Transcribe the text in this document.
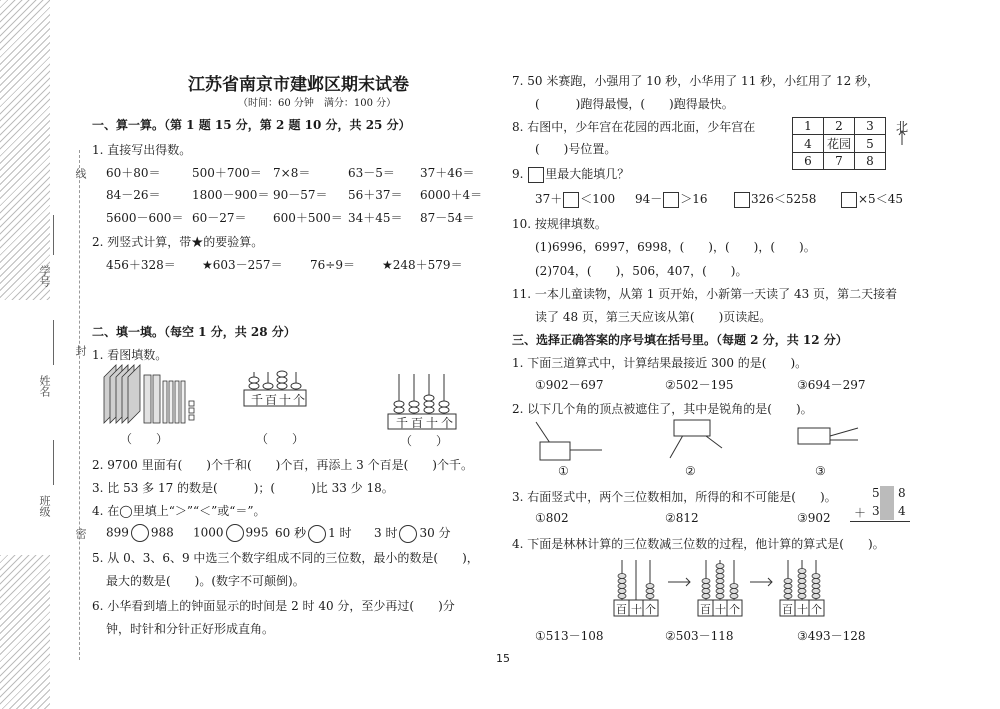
线
封
密
学号
姓名
班级
江苏省南京市建邺区期末试卷
（时间：60 分钟　满分：100 分）
一、算一算。（第 1 题 15 分，第 2 题 10 分，共 25 分）
1. 直接写出得数。
60＋80＝	500＋700＝ 7×8＝	63－5＝ 37＋46＝
84－26＝	1800－900＝ 90－57＝ 56＋37＝ 6000＋4＝
5600－600＝ 60－27＝ 600＋500＝ 34＋45＝ 87－54＝
2. 列竖式计算，带★的要验算。
456＋328＝ ★603－257＝ 76÷9＝ ★248＋579＝
二、填一填。（每空 1 分，共 28 分）
1. 看图填数。
（　　）
千 百 十 个
（　　）
千 百 十 个
（　　）
2. 9700 里面有(　　)个千和(　　)个百，再添上 3 个百是(　　)个千。
3. 比 53 多 17 的数是(　　　)；(　　　)比 33 少 18。
4. 在◯里填上“＞”“＜”或“＝”。
899 988 1000 995 60 秒 1 时 3 时 30 分
5. 从 0、3、6、9 中选三个数字组成不同的三位数，最小的数是(　　)，
最大的数是(　　)。(数字不可颠倒)。
6. 小华看到墙上的钟面显示的时间是 2 时 40 分，至少再过(　　)分
钟，时针和分针正好形成直角。
7. 50 米赛跑，小强用了 10 秒，小华用了 11 秒，小红用了 12 秒，
(　　　)跑得最慢，(　　)跑得最快。
8. 右图中，少年宫在花园的西北面，少年宫在
(　　)号位置。
1	2	3
4	花园	5
6	7	8
北
9. 里最大能填几？
37＋ ＜100 94－ ＞16	326＜5258	×5＜45
10. 按规律填数。
(1)6996，6997，6998，(　　)，(　　)，(　　)。
(2)704，(　　)，506，407，(　　)。
11. 一本儿童读物，从第 1 页开始，小新第一天读了 43 页，第二天接着
读了 48 页，第三天应该从第(　　)页读起。
三、选择正确答案的序号填在括号里。（每题 2 分，共 12 分）
1. 下面三道算式中，计算结果最接近 300 的是(　　)。
①902－697	②502－195	③694－297
2. 以下几个角的顶点被遮住了，其中是锐角的是(　　)。
①	②	③
3. 右面竖式中，两个三位数相加，所得的和不可能是(　　)。	5 8
＋ 3 4
①802	②812	③902
4. 下面是林林计算的三位数减三位数的过程，他计算的算式是(　　)。
百 十 个	百 十 个	百 十 个
①513－108	②503－118	③493－128
15
